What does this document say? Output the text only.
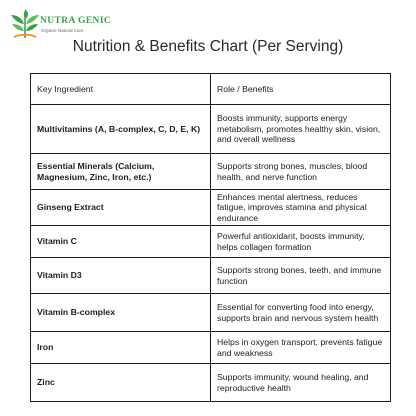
NUTRA GENIC
Organic Natural Care
Nutrition & Benefits Chart (Per Serving)
Key Ingredient	Role / Benefits
Multivitamins (A, B-complex, C, D, E, K)	Boosts immunity, supports energy metabolism, promotes healthy skin, vision, and overall wellness
Essential Minerals (Calcium, Magnesium, Zinc, Iron, etc.)	Supports strong bones, muscles, blood health, and nerve function
Ginseng Extract	Enhances mental alertness, reduces fatigue, improves stamina and physical endurance
Vitamin C	Powerful antioxidant, boosts immunity, helps collagen formation
Vitamin D3	Supports strong bones, teeth, and immune function
Vitamin B-complex	Essential for converting food into energy, supports brain and nervous system health
Iron	Helps in oxygen transport, prevents fatigue and weakness
Zinc	Supports immunity, wound healing, and reproductive health
